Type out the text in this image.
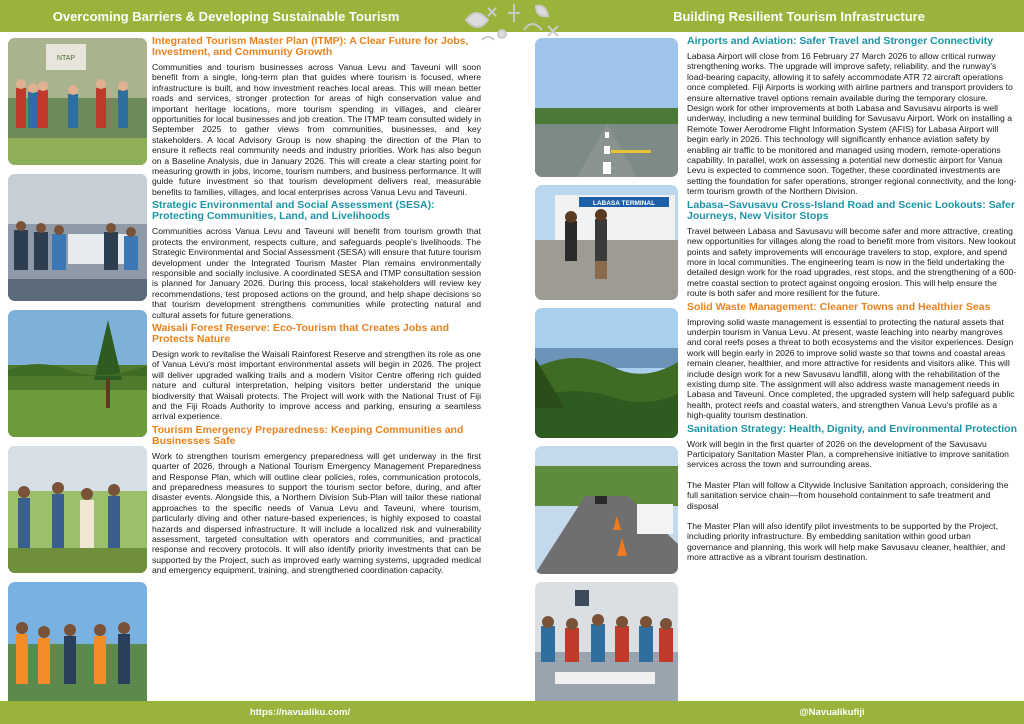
Overcoming Barriers & Developing Sustainable Tourism	Building Resilient Tourism Infrastructure
NTAP
Integrated Tourism Master Plan (ITMP): A Clear Future for Jobs, Investment, and Community Growth
Communities and tourism businesses across Vanua Levu and Taveuni will soon benefit from a single, long-term plan that guides where tourism is focused, where infrastructure is built, and how investment reaches local areas. This will mean better roads and services, stronger protection for areas of high conservation value and important heritage locations, more tourism spending in villages, and clearer opportunities for local businesses and job creation. The ITMP team consulted widely in September 2025 to gather views from communities, businesses, and key stakeholders. A local Advisory Group is now shaping the direction of the Plan to ensure it reflects real community needs and industry priorities. Work has also begun on a Baseline Analysis, due in January 2026. This will create a clear starting point for measuring growth in jobs, income, tourism numbers, and business performance. It will guide future investment so that tourism development delivers real, measurable benefits to families, villages, and local enterprises across Vanua Levu and Taveuni.
Strategic Environmental and Social Assessment (SESA): Protecting Communities, Land, and Livelihoods
Communities across Vanua Levu and Taveuni will benefit from tourism growth that protects the environment, respects culture, and safeguards people's livelihoods. The Strategic Environmental and Social Assessment (SESA) will ensure that future tourism development under the Integrated Tourism Master Plan remains environmentally responsible and socially inclusive. A coordinated SESA and ITMP consultation session is planned for January 2026. During this process, local stakeholders will review key recommendations, test proposed actions on the ground, and help shape decisions so that tourism development strengthens communities while protecting natural and cultural assets for future generations.
Waisali Forest Reserve: Eco-Tourism that Creates Jobs and Protects Nature
Design work to revitalise the Waisali Rainforest Reserve and strengthen its role as one of Vanua Levu's most important environmental assets will begin in 2026. The project will deliver upgraded walking trails and a modern Visitor Centre offering rich guided nature and cultural interpretation, helping visitors better understand the unique biodiversity that Waisali protects. The Project will work with the National Trust of Fiji and the Fiji Roads Authority to improve access and parking, ensuring a seamless arrival experience.
Tourism Emergency Preparedness: Keeping Communities and Businesses Safe
Work to strengthen tourism emergency preparedness will get underway in the first quarter of 2026, through a National Tourism Emergency Management Preparedness and Response Plan, which will outline clear policies, roles, communication protocols, and preparedness measures to support the tourism sector before, during, and after disaster events. Alongside this, a Northern Division Sub-Plan will tailor these national approaches to the specific needs of Vanua Levu and Taveuni, where tourism, particularly diving and other nature-based experiences, is highly exposed to coastal hazards and dispersed infrastructure. It will include a localized risk and vulnerability assessment, targeted consultation with operators and communities, and practical response and recovery protocols. It will also identify priority investments that can be supported by the Project, such as improved early warning systems, upgraded medical and emergency equipment, training, and strengthened coordination capacity.
LABASA TERMINAL
Airports and Aviation: Safer Travel and Stronger Connectivity
Labasa Airport will close from 16 February 27 March 2026 to allow critical runway strengthening works. The upgrade will improve safety, reliability, and the runway's load-bearing capacity, allowing it to safely accommodate ATR 72 aircraft operations once completed. Fiji Airports is working with airline partners and transport providers to ensure alternative travel options remain available during the temporary closure. Design work for other improvements at both Labasa and Savusavu airports is well underway, including a new terminal building for Savusavu Airport. Work on installing a Remote Tower Aerodrome Flight Information System (AFIS) for Labasa Airport will begin early in 2026. This technology will significantly enhance aviation safety by enabling air traffic to be monitored and managed using modern, remote-operations capability. In parallel, work on assessing a potential new domestic airport for Vanua Levu is expected to commence soon. Together, these coordinated investments are setting the foundation for safer operations, stronger regional connectivity, and the long-term tourism growth of the Northern Division.
Labasa–Savusavu Cross-Island Road and Scenic Lookouts: Safer Journeys, New Visitor Stops
Travel between Labasa and Savusavu will become safer and more attractive, creating new opportunities for villages along the road to benefit more from visitors. New lookout points and safety improvements will encourage travelers to stop, explore, and spend more in local communities. The engineering team is now in the field undertaking the detailed design work for the road upgrades, rest stops, and the strengthening of a 600-metre coastal section to protect against ongoing erosion. This will help ensure the route is both safer and more resilient for the future.
Solid Waste Management: Cleaner Towns and Healthier Seas
Improving solid waste management is essential to protecting the natural assets that underpin tourism in Vanua Levu. At present, waste leaching into nearby mangroves and coral reefs poses a threat to both ecosystems and the visitor experiences. Design work will begin early in 2026 to improve solid waste so that towns and coastal areas remain cleaner, healthier, and more attractive for residents and visitors alike. This will include design work for a new Savusavu landfill, along with the rehabilitation of the existing dump site. The assignment will also address waste management needs in Labasa and Taveuni. Once completed, the upgraded system will help safeguard public health, protect reefs and coastal waters, and strengthen Vanua Levu's profile as a high-quality tourism destination.
Sanitation Strategy: Health, Dignity, and Environmental Protection
Work will begin in the first quarter of 2026 on the development of the Savusavu Participatory Sanitation Master Plan, a comprehensive initiative to improve sanitation services across the town and surrounding areas.
The Master Plan will follow a Citywide Inclusive Sanitation approach, considering the full sanitation service chain—from household containment to safe treatment and disposal
The Master Plan will also identify pilot investments to be supported by the Project, including priority infrastructure. By embedding sanitation within good urban governance and planning, this work will help make Savusavu cleaner, healthier, and more attractive as a vibrant tourism destination.
https://navualiku.com/	@Navualikufiji
